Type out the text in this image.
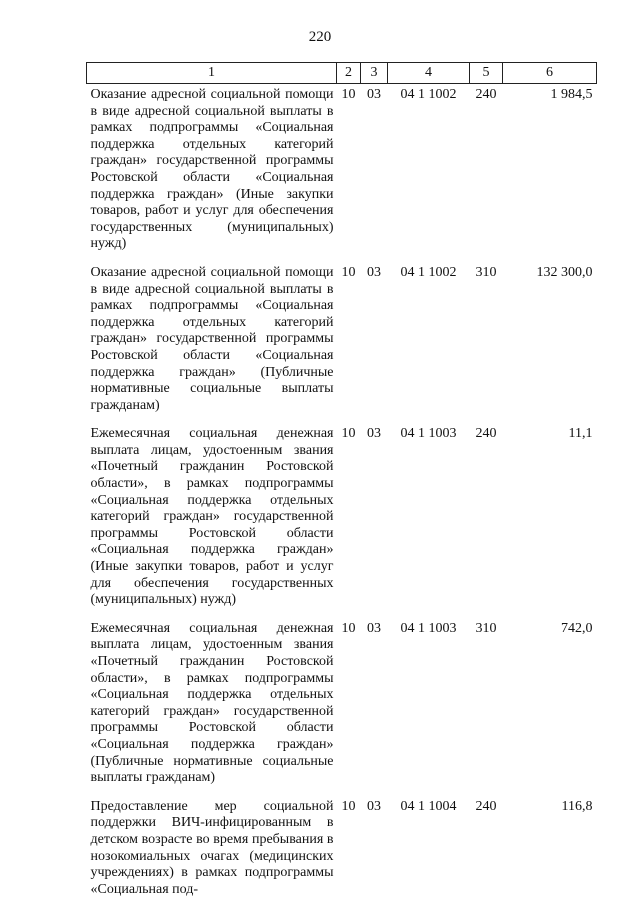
220
1	2	3	4	5	6
Оказание адресной социальной помощи в виде адресной социальной выплаты в рамках подпрограммы «Социальная поддержка отдельных категорий граждан» государственной программы Ростовской области «Социальная поддержка граждан» (Иные закупки товаров, работ и услуг для обеспечения государственных (муниципальных) нужд)	10	03	04 1 1002	240	1 984,5

Оказание адресной социальной помощи в виде адресной социальной выплаты в рамках подпрограммы «Социальная поддержка отдельных категорий граждан» государственной программы Ростовской области «Социальная поддержка граждан» (Публичные нормативные социальные выплаты гражданам)	10	03	04 1 1002	310	132 300,0

Ежемесячная социальная денежная выплата лицам, удостоенным звания «Почетный гражданин Ростовской области», в рамках подпрограммы «Социальная поддержка отдельных категорий граждан» государственной программы Ростовской области «Социальная поддержка граждан» (Иные закупки товаров, работ и услуг для обеспечения государственных (муниципальных) нужд)	10	03	04 1 1003	240	11,1

Ежемесячная социальная денежная выплата лицам, удостоенным звания «Почетный гражданин Ростовской области», в рамках подпрограммы «Социальная поддержка отдельных категорий граждан» государственной программы Ростовской области «Социальная поддержка граждан» (Публичные нормативные социальные выплаты гражданам)	10	03	04 1 1003	310	742,0

Предоставление мер социальной поддержки ВИЧ-инфицированным в детском возрасте во время пребывания в нозокомиальных очагах (медицинских учреждениях) в рамках подпрограммы «Социальная под-	10	03	04 1 1004	240	116,8
